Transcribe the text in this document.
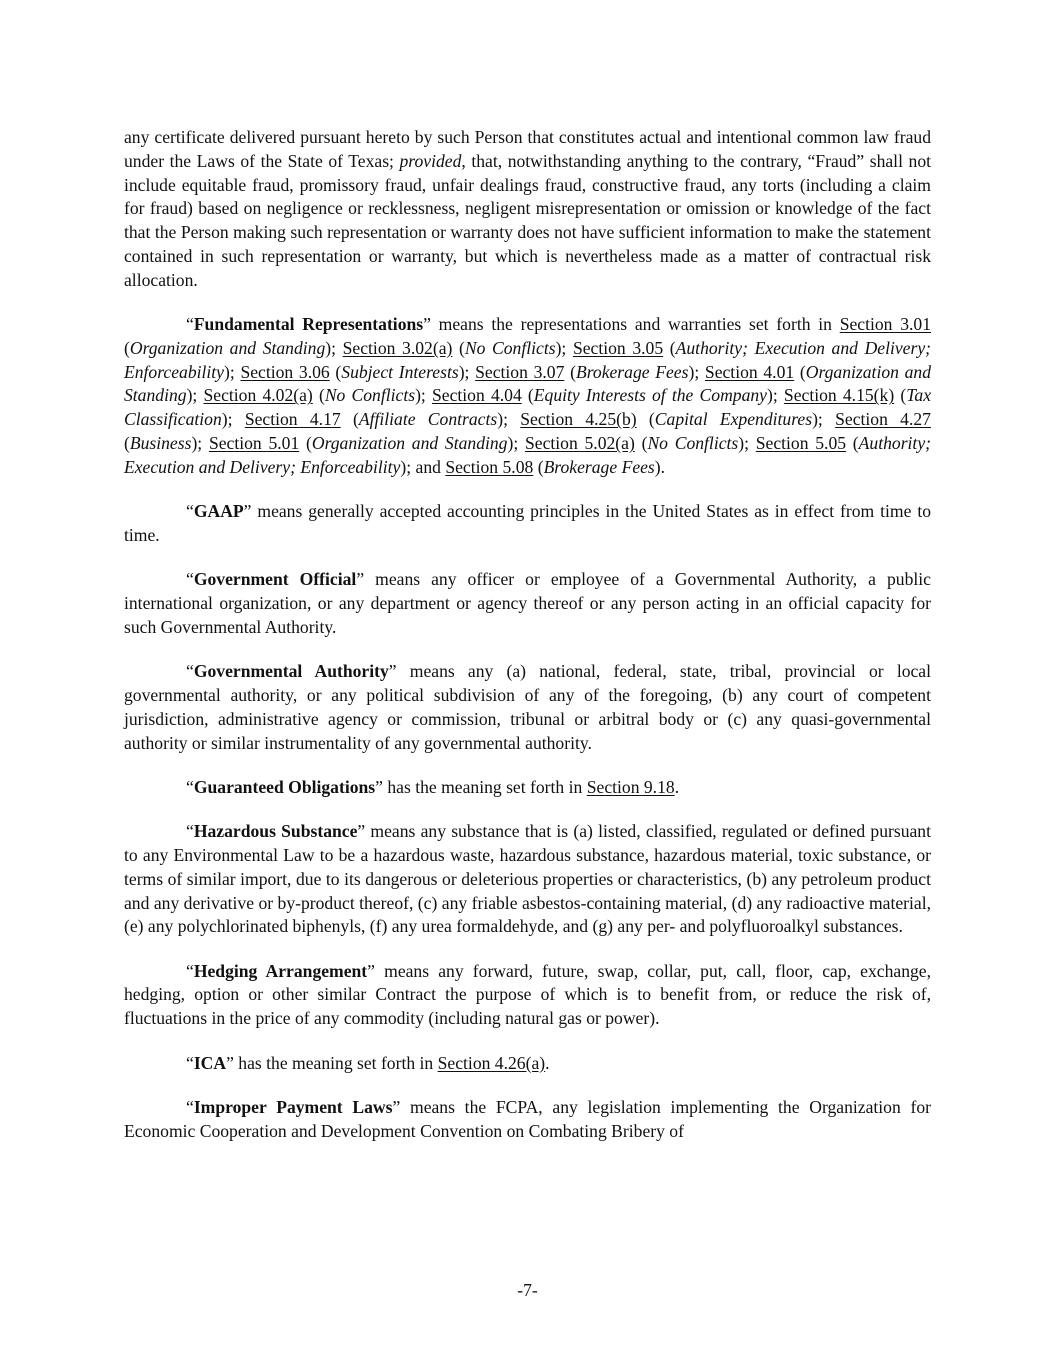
any certificate delivered pursuant hereto by such Person that constitutes actual and intentional common law fraud under the Laws of the State of Texas; provided, that, notwithstanding anything to the contrary, “Fraud” shall not include equitable fraud, promissory fraud, unfair dealings fraud, constructive fraud, any torts (including a claim for fraud) based on negligence or recklessness, negligent misrepresentation or omission or knowledge of the fact that the Person making such representation or warranty does not have sufficient information to make the statement contained in such representation or warranty, but which is nevertheless made as a matter of contractual risk allocation.

“Fundamental Representations” means the representations and warranties set forth in Section 3.01 (Organization and Standing); Section 3.02(a) (No Conflicts); Section 3.05 (Authority; Execution and Delivery; Enforceability); Section 3.06 (Subject Interests); Section 3.07 (Brokerage Fees); Section 4.01 (Organization and Standing); Section 4.02(a) (No Conflicts); Section 4.04 (Equity Interests of the Company); Section 4.15(k) (Tax Classification); Section 4.17 (Affiliate Contracts); Section 4.25(b) (Capital Expenditures); Section 4.27 (Business); Section 5.01 (Organization and Standing); Section 5.02(a) (No Conflicts); Section 5.05 (Authority; Execution and Delivery; Enforceability); and Section 5.08 (Brokerage Fees).

“GAAP” means generally accepted accounting principles in the United States as in effect from time to time.

“Government Official” means any officer or employee of a Governmental Authority, a public international organization, or any department or agency thereof or any person acting in an official capacity for such Governmental Authority.

“Governmental Authority” means any (a) national, federal, state, tribal, provincial or local governmental authority, or any political subdivision of any of the foregoing, (b) any court of competent jurisdiction, administrative agency or commission, tribunal or arbitral body or (c) any quasi-governmental authority or similar instrumentality of any governmental authority.

“Guaranteed Obligations” has the meaning set forth in Section 9.18.

“Hazardous Substance” means any substance that is (a) listed, classified, regulated or defined pursuant to any Environmental Law to be a hazardous waste, hazardous substance, hazardous material, toxic substance, or terms of similar import, due to its dangerous or deleterious properties or characteristics, (b) any petroleum product and any derivative or by-product thereof, (c) any friable asbestos-containing material, (d) any radioactive material, (e) any polychlorinated biphenyls, (f) any urea formaldehyde, and (g) any per- and polyfluoroalkyl substances.

“Hedging Arrangement” means any forward, future, swap, collar, put, call, floor, cap, exchange, hedging, option or other similar Contract the purpose of which is to benefit from, or reduce the risk of, fluctuations in the price of any commodity (including natural gas or power).

“ICA” has the meaning set forth in Section 4.26(a).

“Improper Payment Laws” means the FCPA, any legislation implementing the Organization for Economic Cooperation and Development Convention on Combating Bribery of

-7-
